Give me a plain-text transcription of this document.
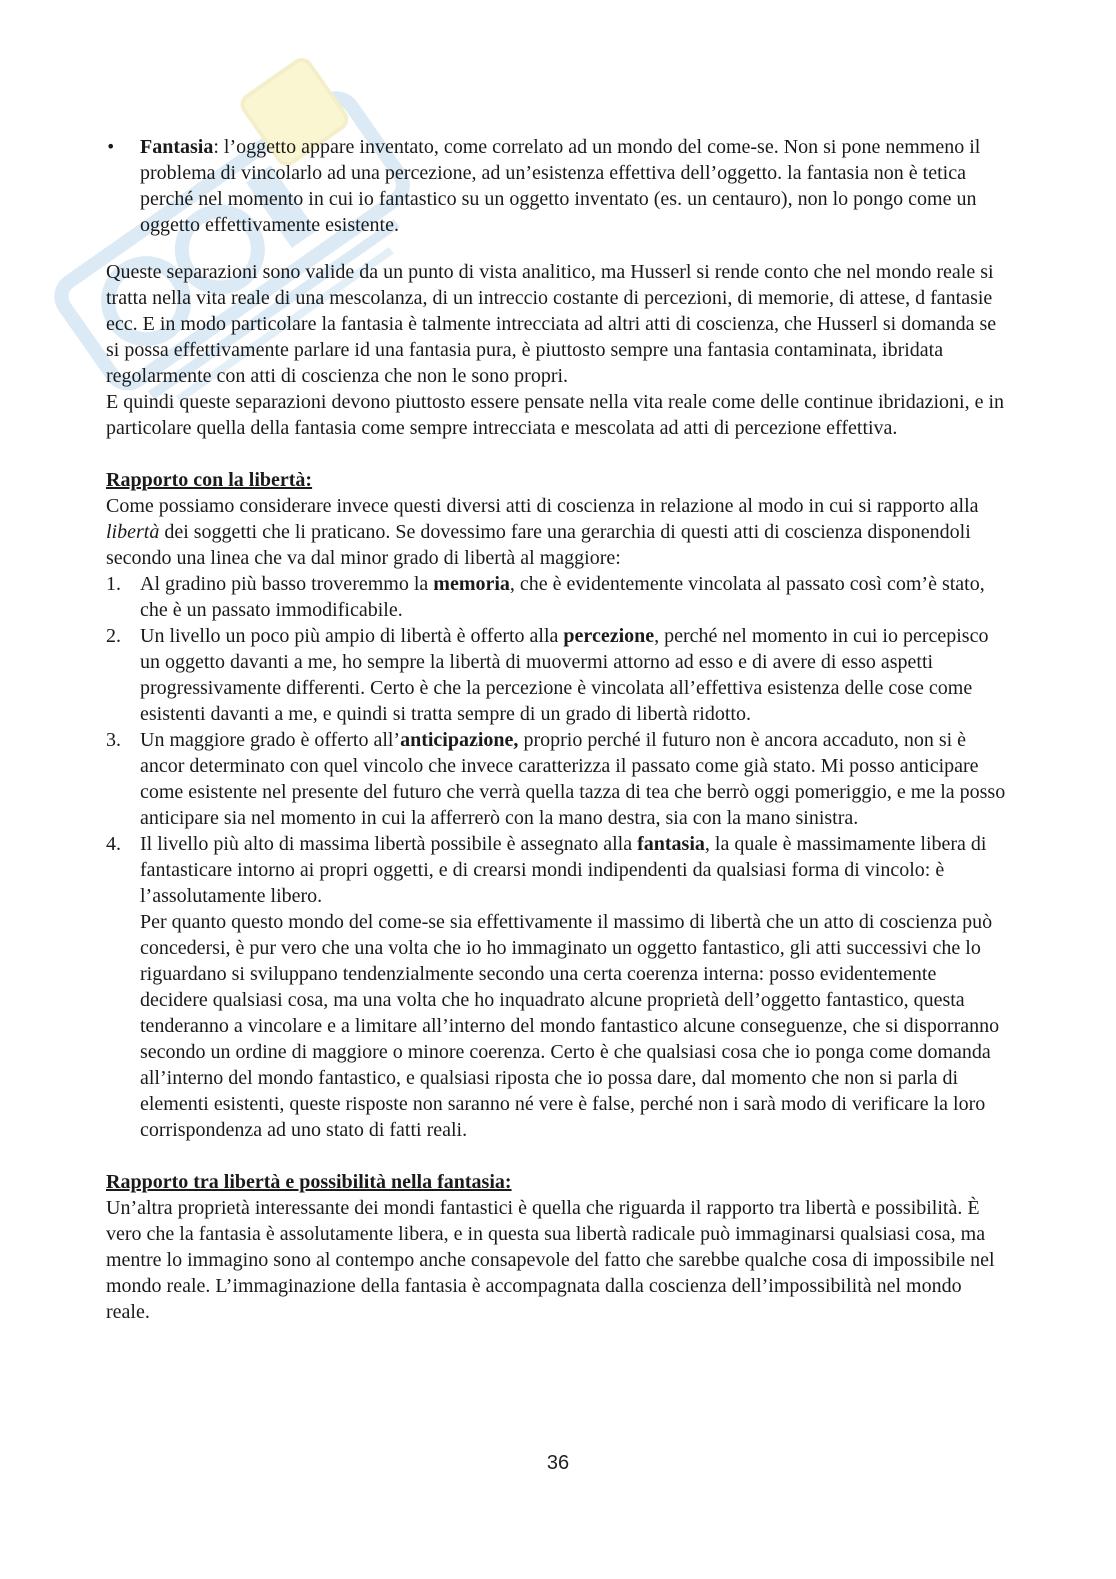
• Fantasia: l’oggetto appare inventato, come correlato ad un mondo del come-se. Non si pone nemmeno il problema di vincolarlo ad una percezione, ad un’esistenza effettiva dell’oggetto. la fantasia non è tetica perché nel momento in cui io fantastico su un oggetto inventato (es. un centauro), non lo pongo come un oggetto effettivamente esistente.

Queste separazioni sono valide da un punto di vista analitico, ma Husserl si rende conto che nel mondo reale si tratta nella vita reale di una mescolanza, di un intreccio costante di percezioni, di memorie, di attese, d fantasie ecc. E in modo particolare la fantasia è talmente intrecciata ad altri atti di coscienza, che Husserl si domanda se si possa effettivamente parlare id una fantasia pura, è piuttosto sempre una fantasia contaminata, ibridata regolarmente con atti di coscienza che non le sono propri.

E quindi queste separazioni devono piuttosto essere pensate nella vita reale come delle continue ibridazioni, e in particolare quella della fantasia come sempre intrecciata e mescolata ad atti di percezione effettiva.

Rapporto con la libertà:

Come possiamo considerare invece questi diversi atti di coscienza in relazione al modo in cui si rapporto alla libertà dei soggetti che li praticano. Se dovessimo fare una gerarchia di questi atti di coscienza disponendoli secondo una linea che va dal minor grado di libertà al maggiore:

1. Al gradino più basso troveremmo la memoria, che è evidentemente vincolata al passato così com’è stato, che è un passato immodificabile.
2. Un livello un poco più ampio di libertà è offerto alla percezione, perché nel momento in cui io percepisco un oggetto davanti a me, ho sempre la libertà di muovermi attorno ad esso e di avere di esso aspetti progressivamente differenti. Certo è che la percezione è vincolata all’effettiva esistenza delle cose come esistenti davanti a me, e quindi si tratta sempre di un grado di libertà ridotto.
3. Un maggiore grado è offerto all’anticipazione, proprio perché il futuro non è ancora accaduto, non si è ancor determinato con quel vincolo che invece caratterizza il passato come già stato. Mi posso anticipare come esistente nel presente del futuro che verrà quella tazza di tea che berrò oggi pomeriggio, e me la posso anticipare sia nel momento in cui la afferrerò con la mano destra, sia con la mano sinistra.
4. Il livello più alto di massima libertà possibile è assegnato alla fantasia, la quale è massimamente libera di fantasticare intorno ai propri oggetti, e di crearsi mondi indipendenti da qualsiasi forma di vincolo: è l’assolutamente libero.

Per quanto questo mondo del come-se sia effettivamente il massimo di libertà che un atto di coscienza può concedersi, è pur vero che una volta che io ho immaginato un oggetto fantastico, gli atti successivi che lo riguardano si sviluppano tendenzialmente secondo una certa coerenza interna: posso evidentemente decidere qualsiasi cosa, ma una volta che ho inquadrato alcune proprietà dell’oggetto fantastico, questa tenderanno a vincolare e a limitare all’interno del mondo fantastico alcune conseguenze, che si disporranno secondo un ordine di maggiore o minore coerenza. Certo è che qualsiasi cosa che io ponga come domanda all’interno del mondo fantastico, e qualsiasi riposta che io possa dare, dal momento che non si parla di elementi esistenti, queste risposte non saranno né vere è false, perché non i sarà modo di verificare la loro corrispondenza ad uno stato di fatti reali.

Rapporto tra libertà e possibilità nella fantasia:

Un’altra proprietà interessante dei mondi fantastici è quella che riguarda il rapporto tra libertà e possibilità. È vero che la fantasia è assolutamente libera, e in questa sua libertà radicale può immaginarsi qualsiasi cosa, ma mentre lo immagino sono al contempo anche consapevole del fatto che sarebbe qualche cosa di impossibile nel mondo reale. L’immaginazione della fantasia è accompagnata dalla coscienza dell’impossibilità nel mondo reale.

36
